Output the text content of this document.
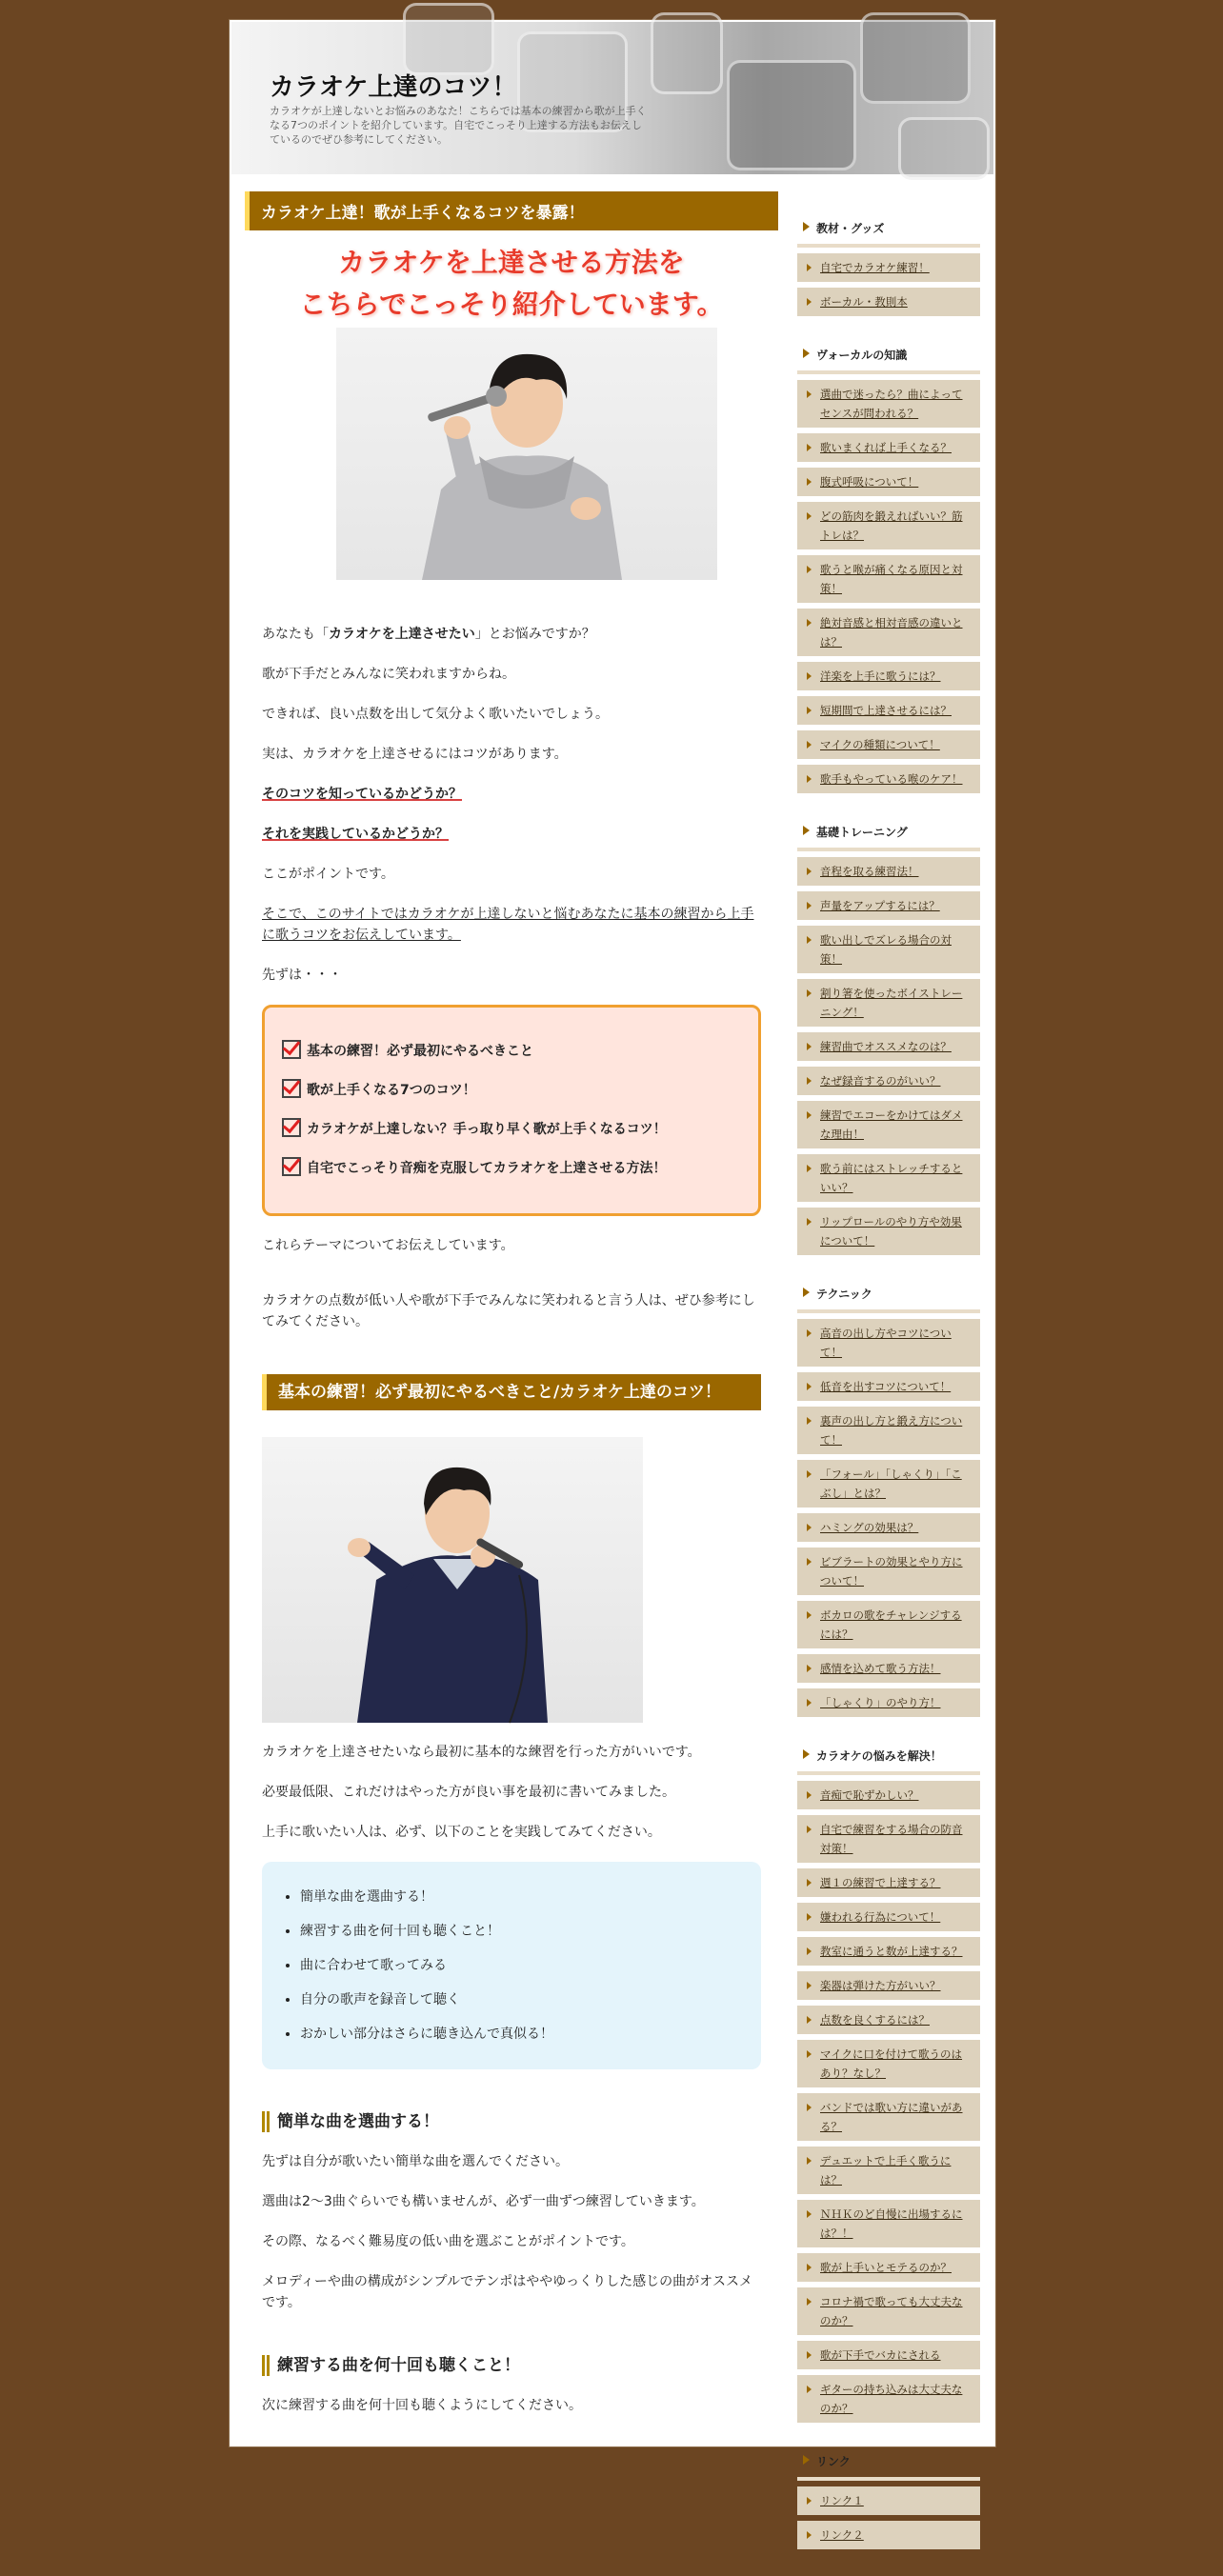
カラオケ上達のコツ！

カラオケが上達しないとお悩みのあなた！こちらでは基本の練習から歌が上手くなる7つのポイントを紹介しています。自宅でこっそり上達する方法もお伝えしているのでぜひ参考にしてください。

カラオケ上達！歌が上手くなるコツを暴露！
カラオケを上達させる方法を
こちらでこっそり紹介しています。

あなたも「カラオケを上達させたい」とお悩みですか？

歌が下手だとみんなに笑われますからね。

できれば、良い点数を出して気分よく歌いたいでしょう。

実は、カラオケを上達させるにはコツがあります。

そのコツを知っているかどうか？

それを実践しているかどうか？

ここがポイントです。

そこで、このサイトではカラオケが上達しないと悩むあなたに基本の練習から上手に歌うコツをお伝えしています。

先ずは・・・

基本の練習！必ず最初にやるべきこと
歌が上手くなる7つのコツ！
カラオケが上達しない？手っ取り早く歌が上手くなるコツ！
自宅でこっそり音痴を克服してカラオケを上達させる方法！

これらテーマについてお伝えしています。

カラオケの点数が低い人や歌が下手でみんなに笑われると言う人は、ぜひ参考にしてみてください。

基本の練習！必ず最初にやるべきこと/カラオケ上達のコツ！

カラオケを上達させたいなら最初に基本的な練習を行った方がいいです。

必要最低限、これだけはやった方が良い事を最初に書いてみました。

上手に歌いたい人は、必ず、以下のことを実践してみてください。

• 簡単な曲を選曲する！
• 練習する曲を何十回も聴くこと！
• 曲に合わせて歌ってみる
• 自分の歌声を録音して聴く
• おかしい部分はさらに聴き込んで真似る！
簡単な曲を選曲する！

先ずは自分が歌いたい簡単な曲を選んでください。

選曲は2～3曲ぐらいでも構いませんが、必ず一曲ずつ練習していきます。

その際、なるべく難易度の低い曲を選ぶことがポイントです。

メロディーや曲の構成がシンプルでテンポはややゆっくりした感じの曲がオススメです。

練習する曲を何十回も聴くこと！

次に練習する曲を何十回も聴くようにしてください。

教材・グッズ
自宅でカラオケ練習！
ボーカル・教則本
ヴォーカルの知識
選曲で迷ったら？曲によってセンスが問われる？
歌いまくれば上手くなる？
腹式呼吸について！
どの筋肉を鍛えればいい？筋トレは？
歌うと喉が痛くなる原因と対策！
絶対音感と相対音感の違いとは？
洋楽を上手に歌うには？
短期間で上達させるには？
マイクの種類について！
歌手もやっている喉のケア！
基礎トレーニング
音程を取る練習法！
声量をアップするには？
歌い出しでズレる場合の対策！
割り箸を使ったボイストレーニング！
練習曲でオススメなのは？
なぜ録音するのがいい？
練習でエコーをかけてはダメな理由！
歌う前にはストレッチするといい？
リップロールのやり方や効果について！
テクニック
高音の出し方やコツについて！
低音を出すコツについて！
裏声の出し方と鍛え方について！
「フォール」「しゃくり」「こぶし」とは？
ハミングの効果は？
ビブラートの効果とやり方について！
ボカロの歌をチャレンジするには？
感情を込めて歌う方法！
「しゃくり」のやり方！
カラオケの悩みを解決！
音痴で恥ずかしい？
自宅で練習をする場合の防音対策！
週１の練習で上達する？
嫌われる行為について！
教室に通うと数が上達する？
楽器は弾けた方がいい？
点数を良くするには？
マイクに口を付けて歌うのはあり？なし？
バンドでは歌い方に違いがある？
デュエットで上手く歌うには？
ＮＨＫのど自慢に出場するには？！
歌が上手いとモテるのか？
コロナ禍で歌っても大丈夫なのか？
歌が下手でバカにされる
ギターの持ち込みは大丈夫なのか？
リンク
リンク１
リンク２
